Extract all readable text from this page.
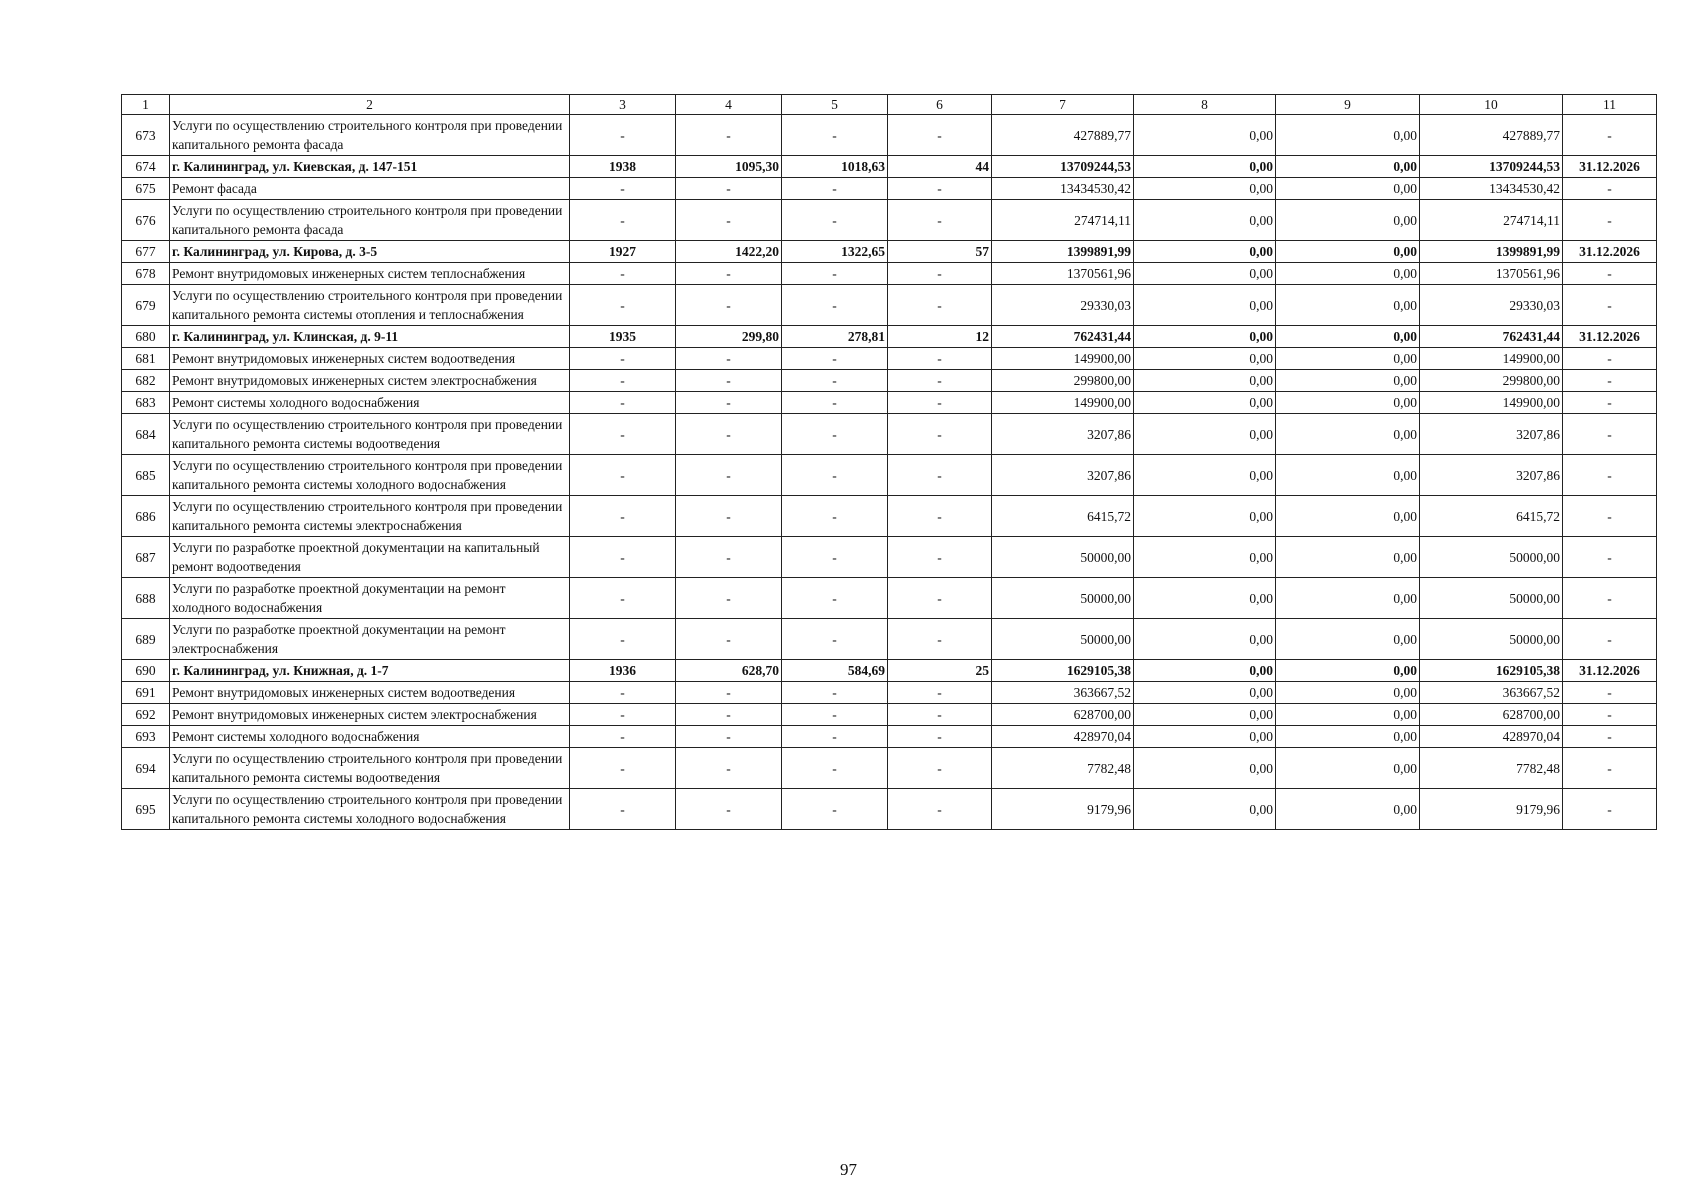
1	2	3	4	5	6	7	8	9	10	11
673	Услуги по осуществлению строительного контроля при проведении капитального ремонта фасада	-	-	-	-	427889,77	0,00	0,00	427889,77	-
674	г. Калининград, ул. Киевская, д. 147-151	1938	1095,30	1018,63	44	13709244,53	0,00	0,00	13709244,53	31.12.2026
675	Ремонт фасада	-	-	-	-	13434530,42	0,00	0,00	13434530,42	-
676	Услуги по осуществлению строительного контроля при проведении капитального ремонта фасада	-	-	-	-	274714,11	0,00	0,00	274714,11	-
677	г. Калининград, ул. Кирова, д. 3-5	1927	1422,20	1322,65	57	1399891,99	0,00	0,00	1399891,99	31.12.2026
678	Ремонт внутридомовых инженерных систем теплоснабжения	-	-	-	-	1370561,96	0,00	0,00	1370561,96	-
679	Услуги по осуществлению строительного контроля при проведении капитального ремонта системы отопления и теплоснабжения	-	-	-	-	29330,03	0,00	0,00	29330,03	-
680	г. Калининград, ул. Клинская, д. 9-11	1935	299,80	278,81	12	762431,44	0,00	0,00	762431,44	31.12.2026
681	Ремонт внутридомовых инженерных систем водоотведения	-	-	-	-	149900,00	0,00	0,00	149900,00	-
682	Ремонт внутридомовых инженерных систем электроснабжения	-	-	-	-	299800,00	0,00	0,00	299800,00	-
683	Ремонт системы холодного водоснабжения	-	-	-	-	149900,00	0,00	0,00	149900,00	-
684	Услуги по осуществлению строительного контроля при проведении капитального ремонта системы водоотведения	-	-	-	-	3207,86	0,00	0,00	3207,86	-
685	Услуги по осуществлению строительного контроля при проведении капитального ремонта системы холодного водоснабжения	-	-	-	-	3207,86	0,00	0,00	3207,86	-
686	Услуги по осуществлению строительного контроля при проведении капитального ремонта системы электроснабжения	-	-	-	-	6415,72	0,00	0,00	6415,72	-
687	Услуги по разработке проектной документации на капитальный ремонт водоотведения	-	-	-	-	50000,00	0,00	0,00	50000,00	-
688	Услуги по разработке проектной документации на ремонт холодного водоснабжения	-	-	-	-	50000,00	0,00	0,00	50000,00	-
689	Услуги по разработке проектной документации на ремонт электроснабжения	-	-	-	-	50000,00	0,00	0,00	50000,00	-
690	г. Калининград, ул. Книжная, д. 1-7	1936	628,70	584,69	25	1629105,38	0,00	0,00	1629105,38	31.12.2026
691	Ремонт внутридомовых инженерных систем водоотведения	-	-	-	-	363667,52	0,00	0,00	363667,52	-
692	Ремонт внутридомовых инженерных систем электроснабжения	-	-	-	-	628700,00	0,00	0,00	628700,00	-
693	Ремонт системы холодного водоснабжения	-	-	-	-	428970,04	0,00	0,00	428970,04	-
694	Услуги по осуществлению строительного контроля при проведении капитального ремонта системы водоотведения	-	-	-	-	7782,48	0,00	0,00	7782,48	-
695	Услуги по осуществлению строительного контроля при проведении капитального ремонта системы холодного водоснабжения	-	-	-	-	9179,96	0,00	0,00	9179,96	-
97
